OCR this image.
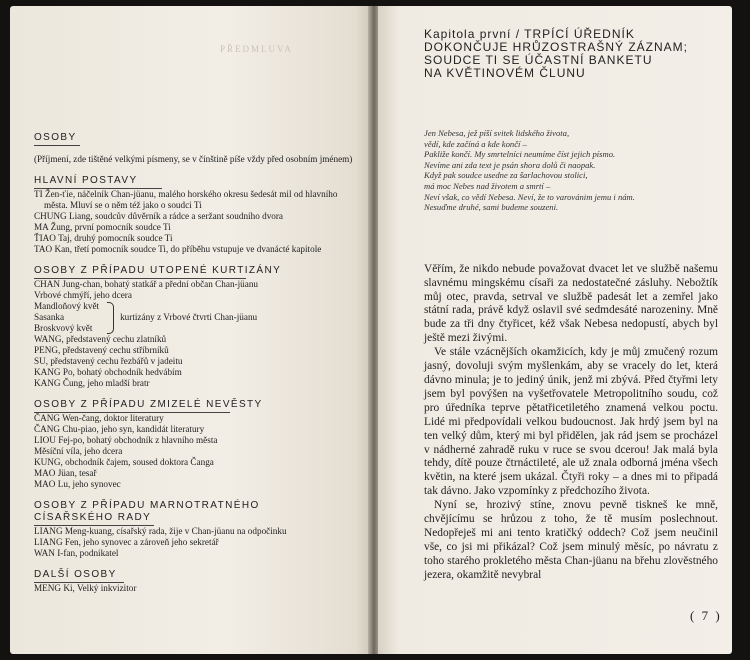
PŘEDMLUVA
OSOBY
(Příjmení, zde tištěné velkými písmeny, se v čínštině píše vždy před osobním jménem)
HLAVNÍ POSTAVY
TI Žen-ťie, náčelník Chan-jüanu, malého horského okresu šedesát mil od hlavního města. Mluví se o něm též jako o soudci Ti
CHUNG Liang, soudcův důvěrník a rádce a seržant soudního dvora
MA Žung, první pomocník soudce Ti
ŤIAO Taj, druhý pomocník soudce Ti
TAO Kan, třetí pomocník soudce Ti, do příběhu vstupuje ve dvanácté kapitole
OSOBY Z PŘÍPADU UTOPENÉ KURTIZÁNY
CHAN Jung-chan, bohatý statkář a přední občan Chan-jüanu
Vrbové chmýří, jeho dcera
Mandloňový květ
Sasanka
Broskvový květ
kurtizány z Vrbové čtvrti Chan-jüanu
WANG, představený cechu zlatníků
PENG, představený cechu stříbrníků
SU, představený cechu řezbářů v jadeitu
KANG Po, bohatý obchodník hedvábím
KANG Čung, jeho mladší bratr
OSOBY Z PŘÍPADU ZMIZELÉ NEVĚSTY
ČANG Wen-čang, doktor literatury
ČANG Chu-piao, jeho syn, kandidát literatury
LIOU Fej-po, bohatý obchodník z hlavního města
Měsíční víla, jeho dcera
KUNG, obchodník čajem, soused doktora Čanga
MAO Jüan, tesař
MAO Lu, jeho synovec
OSOBY Z PŘÍPADU MARNOTRATNÉHO CÍSAŘSKÉHO RADY
LIANG Meng-kuang, císařský rada, žije v Chan-jüanu na odpočinku
LIANG Fen, jeho synovec a zároveň jeho sekretář
WAN I-fan, podnikatel
DALŠÍ OSOBY
MENG Ki, Velký inkvizitor
Kapitola první / TRPÍCÍ ÚŘEDNÍK
DOKONČUJE HRŮZOSTRAŠNÝ ZÁZNAM;
SOUDCE TI SE ÚČASTNÍ BANKETU
NA KVĚTINOVÉM ČLUNU
Jen Nebesa, jež píší svitek lidského života,
vědí, kde začíná a kde končí –
Pakliže končí. My smrtelníci neumíme číst jejich písmo.
Nevíme ani zda text je psán shora dolů či naopak.
Když pak soudce usedne za šarlachovou stolici,
má moc Nebes nad životem a smrtí –
Neví však, co vědí Nebesa. Neví, že to varovánim jemu i nám.
Nesuďme druhé, sami budeme souzeni.

Věřím, že nikdo nebude považovat dvacet let ve službě našemu slavnému mingskému císaři za nedostatečné zásluhy. Nebožtík můj otec, pravda, setrval ve službě padesát let a zemřel jako státní rada, právě když oslavil své sedmdesáté narozeniny. Mně bude za tři dny čtyřicet, kéž však Nebesa nedopustí, abych byl ještě mezi živými.

Ve stále vzácnějších okamžicích, kdy je můj zmučený rozum jasný, dovoluji svým myšlenkám, aby se vracely do let, která dávno minula; je to jediný únik, jenž mi zbývá. Před čtyřmi lety jsem byl povýšen na vyšetřovatele Metropolitního soudu, což pro úředníka teprve pětatřicetiletého znamená velkou poctu. Lidé mi předpovídali velkou budoucnost. Jak hrdý jsem byl na ten velký dům, který mi byl přidělen, jak rád jsem se procházel v nádherné zahradě ruku v ruce se svou dcerou! Jak malá byla tehdy, dítě pouze čtrnáctileté, ale už znala odborná jména všech květin, na které jsem ukázal. Čtyři roky – a dnes mi to připadá tak dávno. Jako vzpomínky z předchozího života.

Nyní se, hrozivý stíne, znovu pevně tiskneš ke mně, chvějícímu se hrůzou z toho, že tě musím poslechnout. Nedopřeješ mi ani tento kratičký oddech? Což jsem neučinil vše, co jsi mi přikázal? Což jsem minulý měsíc, po návratu z toho starého prokletého města Chan-jüanu na břehu zlověstného jezera, okamžitě nevybral

( 7 )
